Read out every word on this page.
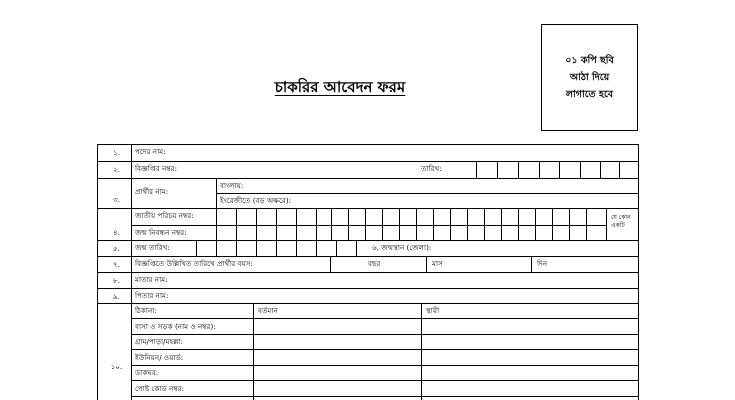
০১ কপি ছবি
আঠা দিয়ে
লাগাতে হবে
চাকরির আবেদন ফরম
১.	পদের নাম:
২.	বিজ্ঞপ্তির নম্বর:	তারিখ:
৩.
প্রার্থীর নাম:
বাংলায়:
ইংরেজীতে (বড় অক্ষরে):
৪.
জাতীয় পরিচয় নম্বর:
জন্ম নিবন্ধন নম্বর:
যে কোন
একটি
৫.	জন্ম তারিখ:	৬. জন্মস্থান (জেলা):
৭.	বিজ্ঞপ্তিতে উল্লিখিত তারিখে প্রার্থীর বয়স:	বছর	মাস	দিন
৮.	মাতার নাম:
৯.	পিতার নাম:
১০.
ঠিকানা:	বর্তমান	স্থায়ী
বাসা ও সড়ক (নাম ও নম্বর):
গ্রাম/পাড়া/মহল্লা:
ইউনিয়ন/ ওয়ার্ড:
ডাকঘর:
পোষ্ট কোড নম্বর:
